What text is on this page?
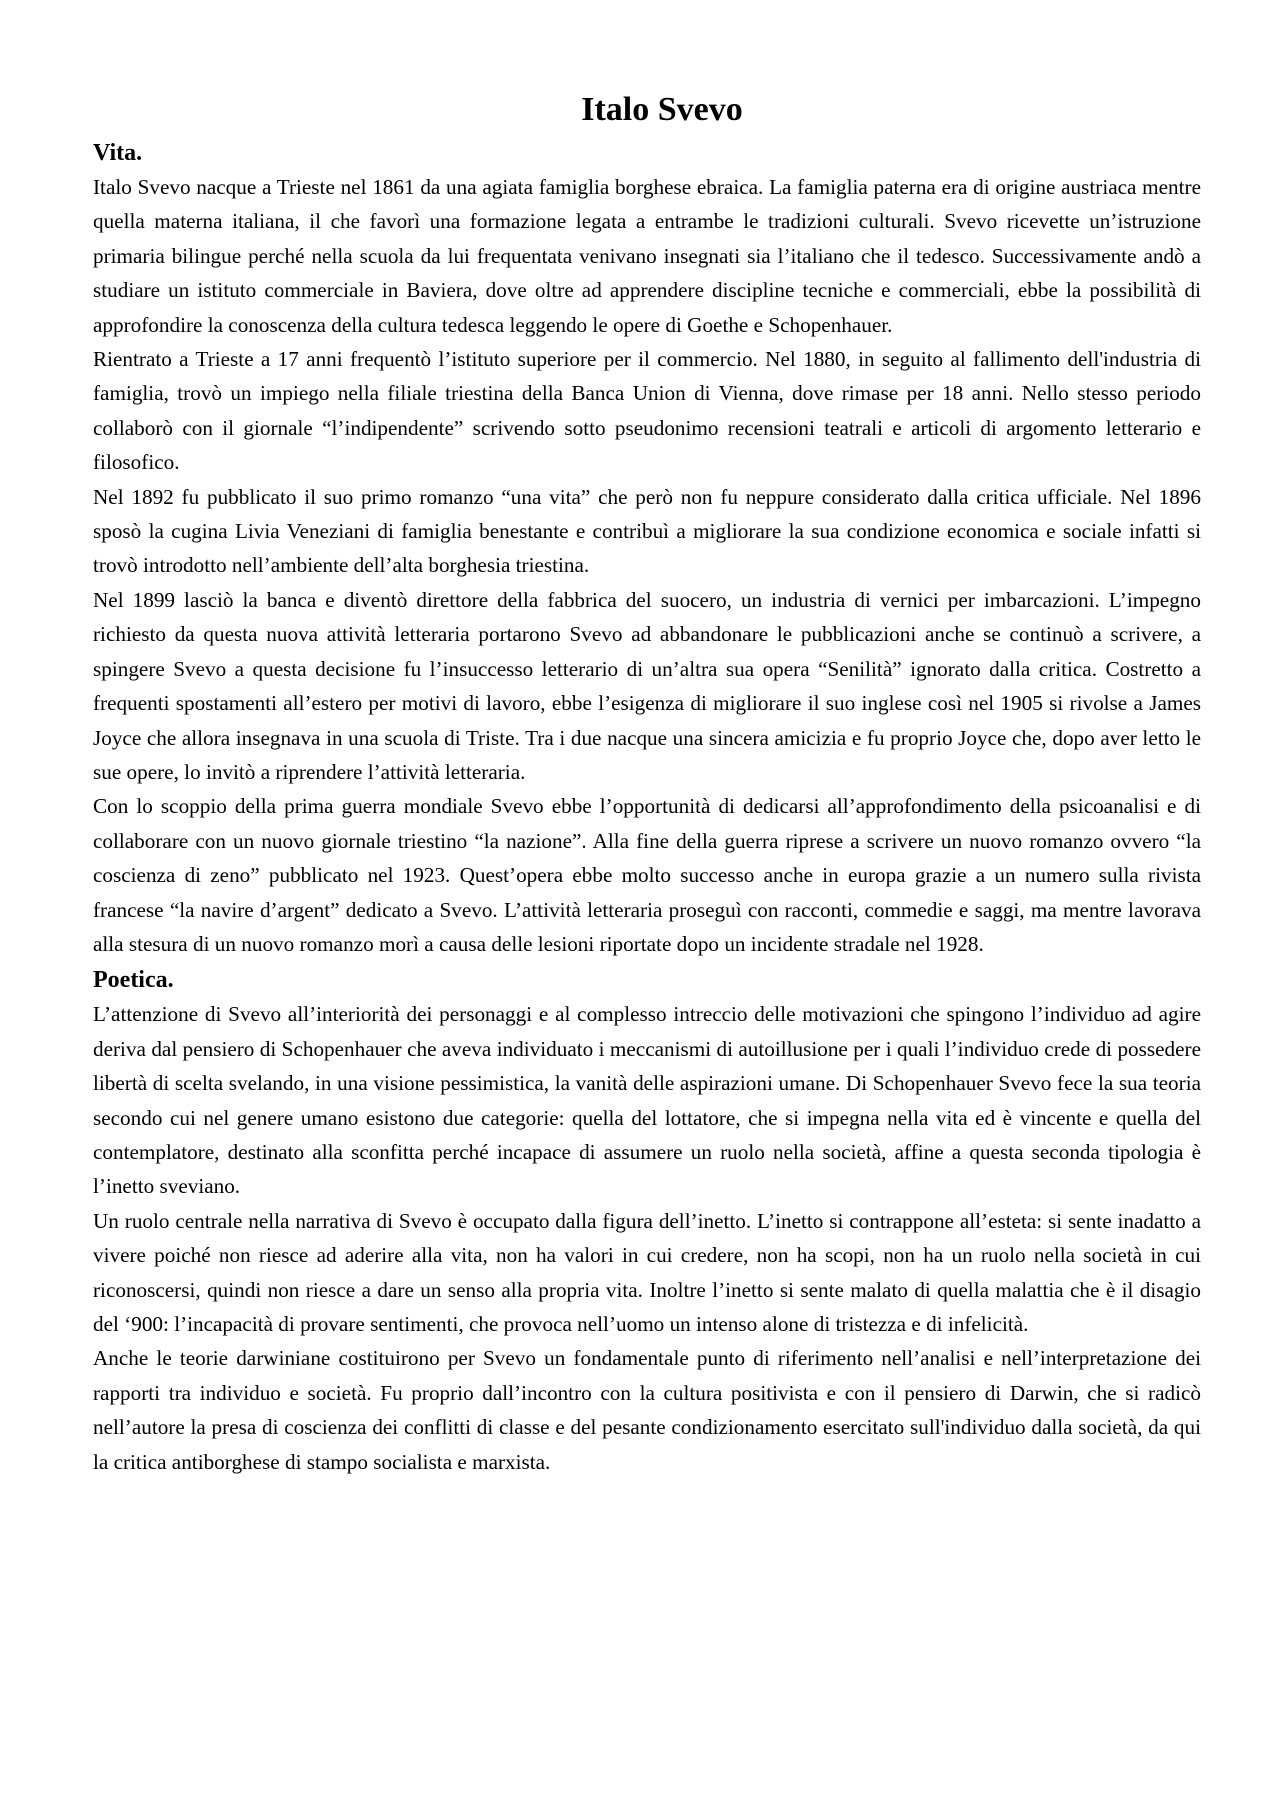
Italo Svevo
Vita.

Italo Svevo nacque a Trieste nel 1861 da una agiata famiglia borghese ebraica. La famiglia paterna era di origine austriaca mentre quella materna italiana, il che favorì una formazione legata a entrambe le tradizioni culturali. Svevo ricevette un’istruzione primaria bilingue perché nella scuola da lui frequentata venivano insegnati sia l’italiano che il tedesco. Successivamente andò a studiare un istituto commerciale in Baviera, dove oltre ad apprendere discipline tecniche e commerciali, ebbe la possibilità di approfondire la conoscenza della cultura tedesca leggendo le opere di Goethe e Schopenhauer.

Rientrato a Trieste a 17 anni frequentò l’istituto superiore per il commercio. Nel 1880, in seguito al fallimento dell'industria di famiglia, trovò un impiego nella filiale triestina della Banca Union di Vienna, dove rimase per 18 anni. Nello stesso periodo collaborò con il giornale “l’indipendente” scrivendo sotto pseudonimo recensioni teatrali e articoli di argomento letterario e filosofico.

Nel 1892 fu pubblicato il suo primo romanzo “una vita” che però non fu neppure considerato dalla critica ufficiale. Nel 1896 sposò la cugina Livia Veneziani di famiglia benestante e contribuì a migliorare la sua condizione economica e sociale infatti si trovò introdotto nell’ambiente dell’alta borghesia triestina.

Nel 1899 lasciò la banca e diventò direttore della fabbrica del suocero, un industria di vernici per imbarcazioni. L’impegno richiesto da questa nuova attività letteraria portarono Svevo ad abbandonare le pubblicazioni anche se continuò a scrivere, a spingere Svevo a questa decisione fu l’insuccesso letterario di un’altra sua opera “Senilità” ignorato dalla critica. Costretto a frequenti spostamenti all’estero per motivi di lavoro, ebbe l’esigenza di migliorare il suo inglese così nel 1905 si rivolse a James Joyce che allora insegnava in una scuola di Triste. Tra i due nacque una sincera amicizia e fu proprio Joyce che, dopo aver letto le sue opere, lo invitò a riprendere l’attività letteraria.

Con lo scoppio della prima guerra mondiale Svevo ebbe l’opportunità di dedicarsi all’approfondimento della psicoanalisi e di collaborare con un nuovo giornale triestino “la nazione”. Alla fine della guerra riprese a scrivere un nuovo romanzo ovvero “la coscienza di zeno” pubblicato nel 1923. Quest’opera ebbe molto successo anche in europa grazie a un numero sulla rivista francese “la navire d’argent” dedicato a Svevo. L’attività letteraria proseguì con racconti, commedie e saggi, ma mentre lavorava alla stesura di un nuovo romanzo morì a causa delle lesioni riportate dopo un incidente stradale nel 1928.

Poetica.

L’attenzione di Svevo all’interiorità dei personaggi e al complesso intreccio delle motivazioni che spingono l’individuo ad agire deriva dal pensiero di Schopenhauer che aveva individuato i meccanismi di autoillusione per i quali l’individuo crede di possedere libertà di scelta svelando, in una visione pessimistica, la vanità delle aspirazioni umane. Di Schopenhauer Svevo fece la sua teoria secondo cui nel genere umano esistono due categorie: quella del lottatore, che si impegna nella vita ed è vincente e quella del contemplatore, destinato alla sconfitta perché incapace di assumere un ruolo nella società, affine a questa seconda tipologia è l’inetto sveviano.

Un ruolo centrale nella narrativa di Svevo è occupato dalla figura dell’inetto. L’inetto si contrappone all’esteta: si sente inadatto a vivere poiché non riesce ad aderire alla vita, non ha valori in cui credere, non ha scopi, non ha un ruolo nella società in cui riconoscersi, quindi non riesce a dare un senso alla propria vita. Inoltre l’inetto si sente malato di quella malattia che è il disagio del ‘900: l’incapacità di provare sentimenti, che provoca nell’uomo un intenso alone di tristezza e di infelicità.

Anche le teorie darwiniane costituirono per Svevo un fondamentale punto di riferimento nell’analisi e nell’interpretazione dei rapporti tra individuo e società. Fu proprio dall’incontro con la cultura positivista e con il pensiero di Darwin, che si radicò nell’autore la presa di coscienza dei conflitti di classe e del pesante condizionamento esercitato sull'individuo dalla società, da qui la critica antiborghese di stampo socialista e marxista.
